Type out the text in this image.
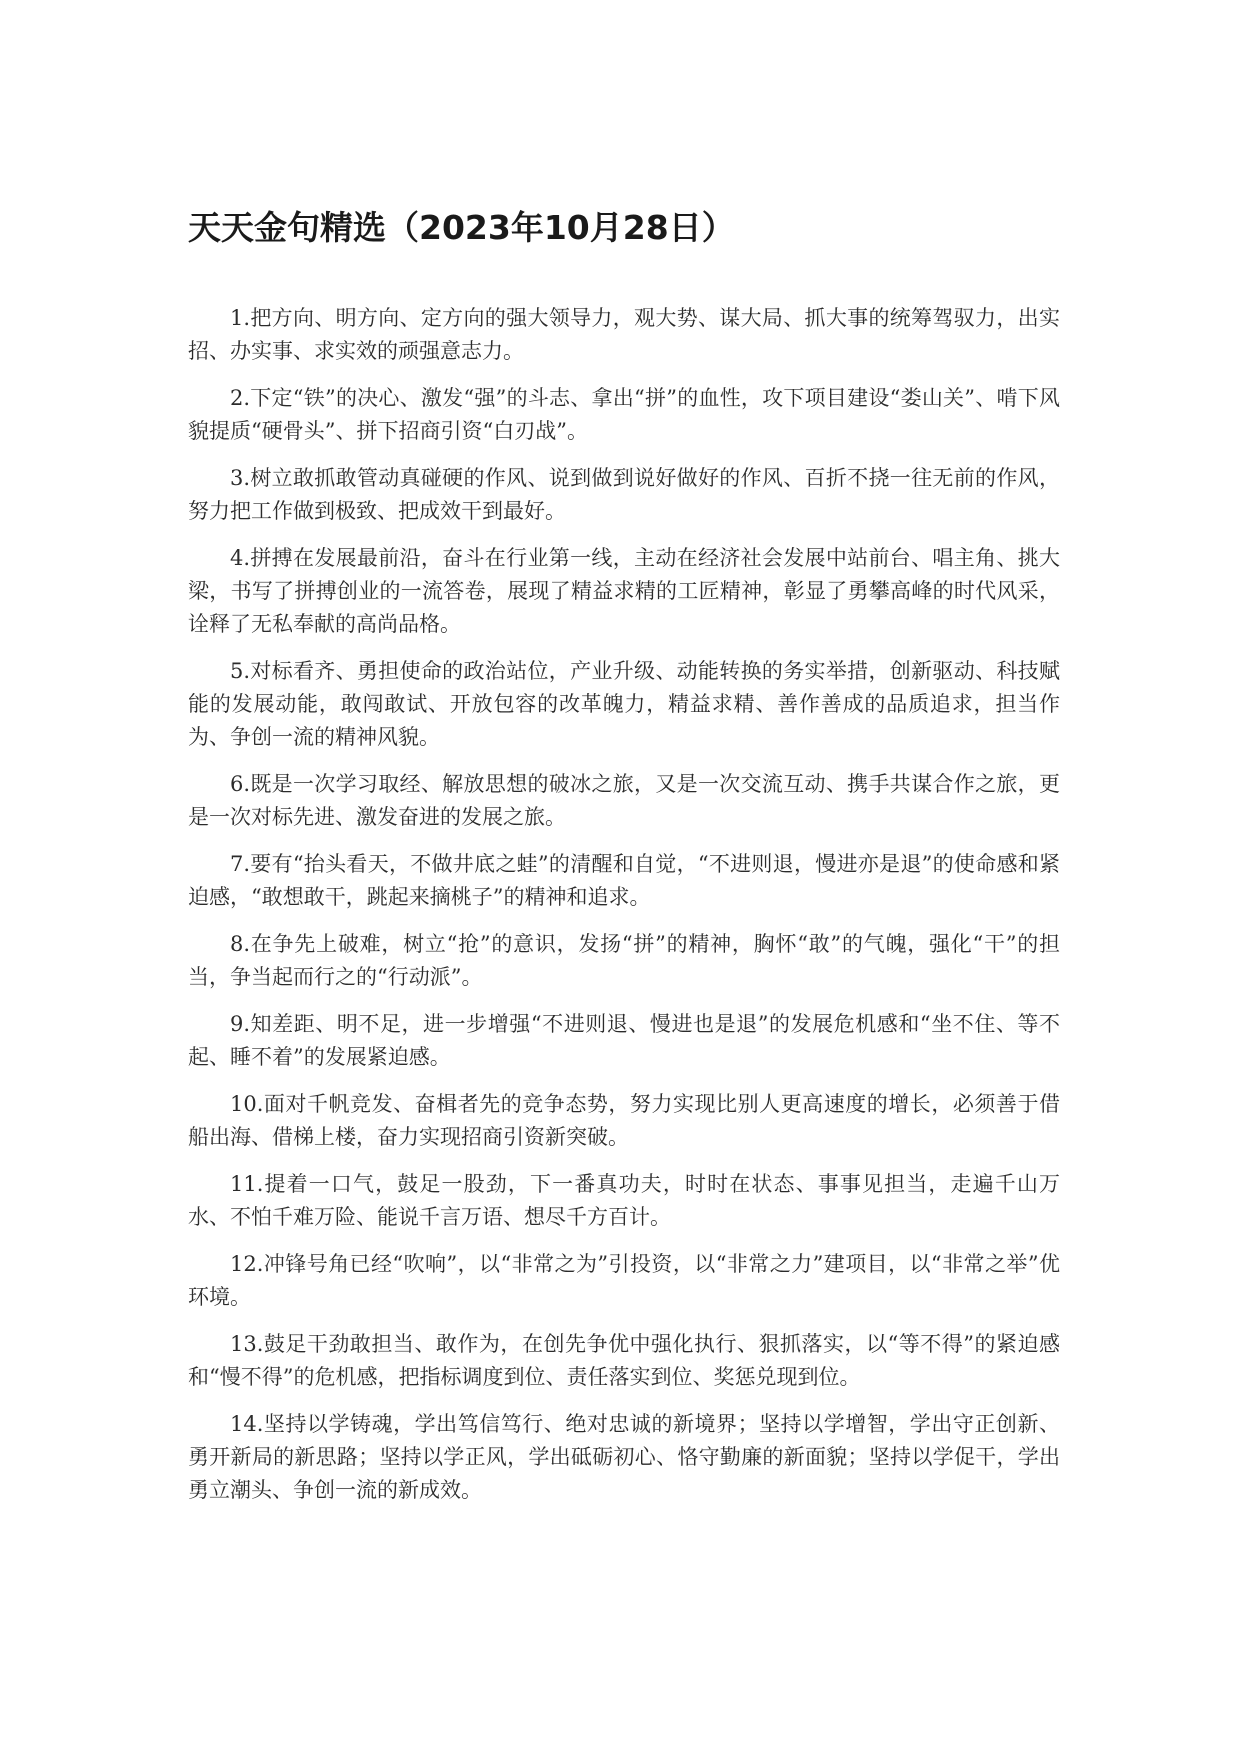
天天金句精选（2023年10月28日）
1.把方向、明方向、定方向的强大领导力，观大势、谋大局、抓大事的统筹驾驭力，出实招、办实事、求实效的顽强意志力。
2.下定“铁”的决心、激发“强”的斗志、拿出“拼”的血性，攻下项目建设“娄山关”、啃下风貌提质“硬骨头”、拼下招商引资“白刃战”。
3.树立敢抓敢管动真碰硬的作风、说到做到说好做好的作风、百折不挠一往无前的作风，努力把工作做到极致、把成效干到最好。
4.拼搏在发展最前沿，奋斗在行业第一线，主动在经济社会发展中站前台、唱主角、挑大梁，书写了拼搏创业的一流答卷，展现了精益求精的工匠精神，彰显了勇攀高峰的时代风采，诠释了无私奉献的高尚品格。
5.对标看齐、勇担使命的政治站位，产业升级、动能转换的务实举措，创新驱动、科技赋能的发展动能，敢闯敢试、开放包容的改革魄力，精益求精、善作善成的品质追求，担当作为、争创一流的精神风貌。
6.既是一次学习取经、解放思想的破冰之旅，又是一次交流互动、携手共谋合作之旅，更是一次对标先进、激发奋进的发展之旅。
7.要有“抬头看天，不做井底之蛙”的清醒和自觉，“不进则退，慢进亦是退”的使命感和紧迫感，“敢想敢干，跳起来摘桃子”的精神和追求。
8.在争先上破难，树立“抢”的意识，发扬“拼”的精神，胸怀“敢”的气魄，强化“干”的担当，争当起而行之的“行动派”。
9.知差距、明不足，进一步增强“不进则退、慢进也是退”的发展危机感和“坐不住、等不起、睡不着”的发展紧迫感。
10.面对千帆竞发、奋楫者先的竞争态势，努力实现比别人更高速度的增长，必须善于借船出海、借梯上楼，奋力实现招商引资新突破。
11.提着一口气，鼓足一股劲，下一番真功夫，时时在状态、事事见担当，走遍千山万水、不怕千难万险、能说千言万语、想尽千方百计。
12.冲锋号角已经“吹响”，以“非常之为”引投资，以“非常之力”建项目，以“非常之举”优环境。
13.鼓足干劲敢担当、敢作为，在创先争优中强化执行、狠抓落实，以“等不得”的紧迫感和“慢不得”的危机感，把指标调度到位、责任落实到位、奖惩兑现到位。
14.坚持以学铸魂，学出笃信笃行、绝对忠诚的新境界；坚持以学增智，学出守正创新、勇开新局的新思路；坚持以学正风，学出砥砺初心、恪守勤廉的新面貌；坚持以学促干，学出勇立潮头、争创一流的新成效。
